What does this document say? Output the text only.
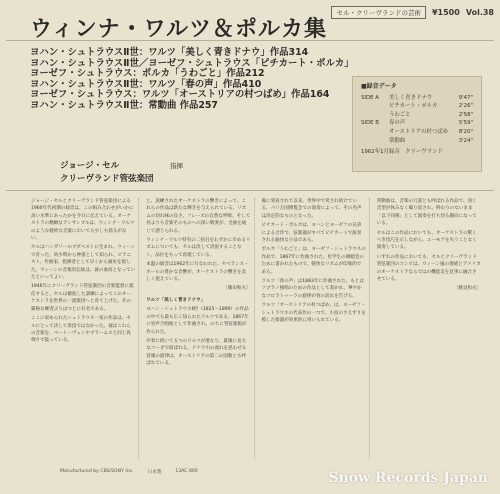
ウィンナ・ワルツ＆ポルカ集
セル・クリーヴランドの芸術	¥1500 Vol.38
ヨハン・シュトラウスⅡ世：ワルツ「美しく青きドナウ」作品314
ヨハン・シュトラウスⅡ世／ヨーゼフ・シュトラウス「ピチカート・ポルカ」
ヨーゼフ・シュトラウス：ポルカ「うわごと」作品212
ヨハン・シュトラウスⅡ世：ワルツ「春の声」作品410
ヨーゼフ・シュトラウス：ワルツ「オーストリアの村つばめ」作品164
ヨハン・シュトラウスⅡ世：常動曲 作品257
ジョージ・セル	指揮
クリーヴランド管弦楽団
■録音データ
SIDE A	美しく青きドナウ	9'47"
ピチカート・ポルカ	2'26"
うわごと	2'58"
SIDE B	春の声	5'59"
オーストリアの村つばめ	8'20"
常動曲	3'24"
1962年1月録音　クリーヴランド

ジョージ・セルとクリーヴランド管弦楽団による1960年代初期の録音は、この組み合わせがいかに高い水準にあったかを今日に伝えている。オーケストラの精緻なアンサンブルは、ウィンナ・ワルツのような軽妙な音楽においても少しも揺るがない。

セルはハンガリーのブダペストに生まれ、ウィーンで育った。幼少時から神童として知られ、ピアニスト、作曲家、指揮者として早くから頭角を現した。ウィーンの音楽的伝統は、彼の血肉となっていたといってよい。

1946年にクリーヴランド管弦楽団の音楽監督に就任すると、セルは徹底した訓練によってこのオーケストラを世界の一流楽団へと育て上げた。その厳格な練習ぶりはつとに有名である。

ここに収められたシュトラウス一家の作品は、セルにとって決して余技ではなかった。彼はこれらの音楽を、ベートーヴェンやブラームスと同じ真剣さで扱っている。

と、洗練されたオーケストラの響きによって、これらの作品は新たな輝きを与えられている。リズムの切れ味の良さ、フレーズの自然な呼吸、そして何よりも音楽そのものへの深い敬愛が、全曲を通じて感じられる。

ウィンナ・ワルツ特有の二拍目をわずかに早めるリズムについても、セルは決して誇張することなく、品位をもって再現している。

本盤の録音は1962年に行なわれた。セベランス・ホールの豊かな音響が、オーケストラの響きを美しく捉えている。

［篠田和夫］

ワルツ「美しく青きドナウ」

ヨハン・シュトラウスⅡ世（1825〜1899）の作品の中でも最も広く知られたワルツである。1867年に男声合唱曲として作曲され、のちに管弦楽版が作られた。

序奏に続いて五つのワルツが連なり、最後に長大なコーダで結ばれる。ドナウ川の流れを思わせる冒頭の旋律は、オーストリアの第二の国歌とも呼ばれている。

後に発表されて以来、世界中で愛され続けている。パリ万国博覧会での演奏によって、その名声は決定的なものとなった。

ピチカート・ポルカは、ヨハンとヨーゼフの兄弟による合作で、弦楽器がすべてピチカートで演奏される愉快な小品である。

ポルカ「うわごと」は、ヨーゼフ・シュトラウスの作品で、1867年に作曲された。医学生の舞踏会のために書かれたもので、軽快なリズムが印象的である。

ワルツ「春の声」は1883年に作曲された。もとはソプラノ独唱のための作品として書かれ、華やかなコロラトゥーラの旋律が春の訪れを告げる。

ワルツ「オーストリアの村つばめ」は、ヨーゼフ・シュトラウスの代表作の一つで、小鳥のさえずりを模した楽器が効果的に用いられている。

常動曲は、音楽の冗談とも呼ばれる作品で、同じ音型が休みなく繰り返され、終わりのないまま「以下同様」として演奏を打ち切る趣向になっている。

セルはこの作品においても、オーケストラの驚くべき技巧を示しながら、ユーモアを失うことなく演奏している。

いずれの作品においても、セルとクリーヴランド管弦楽団のコンビは、ウィーン風の情緒とアメリカのオーケストラならではの機能美を見事に融合させている。

［鷲見和夫］

Manufactured by CBS/SONY Inc.	日本製	13AC 800	Snow Records Japan
